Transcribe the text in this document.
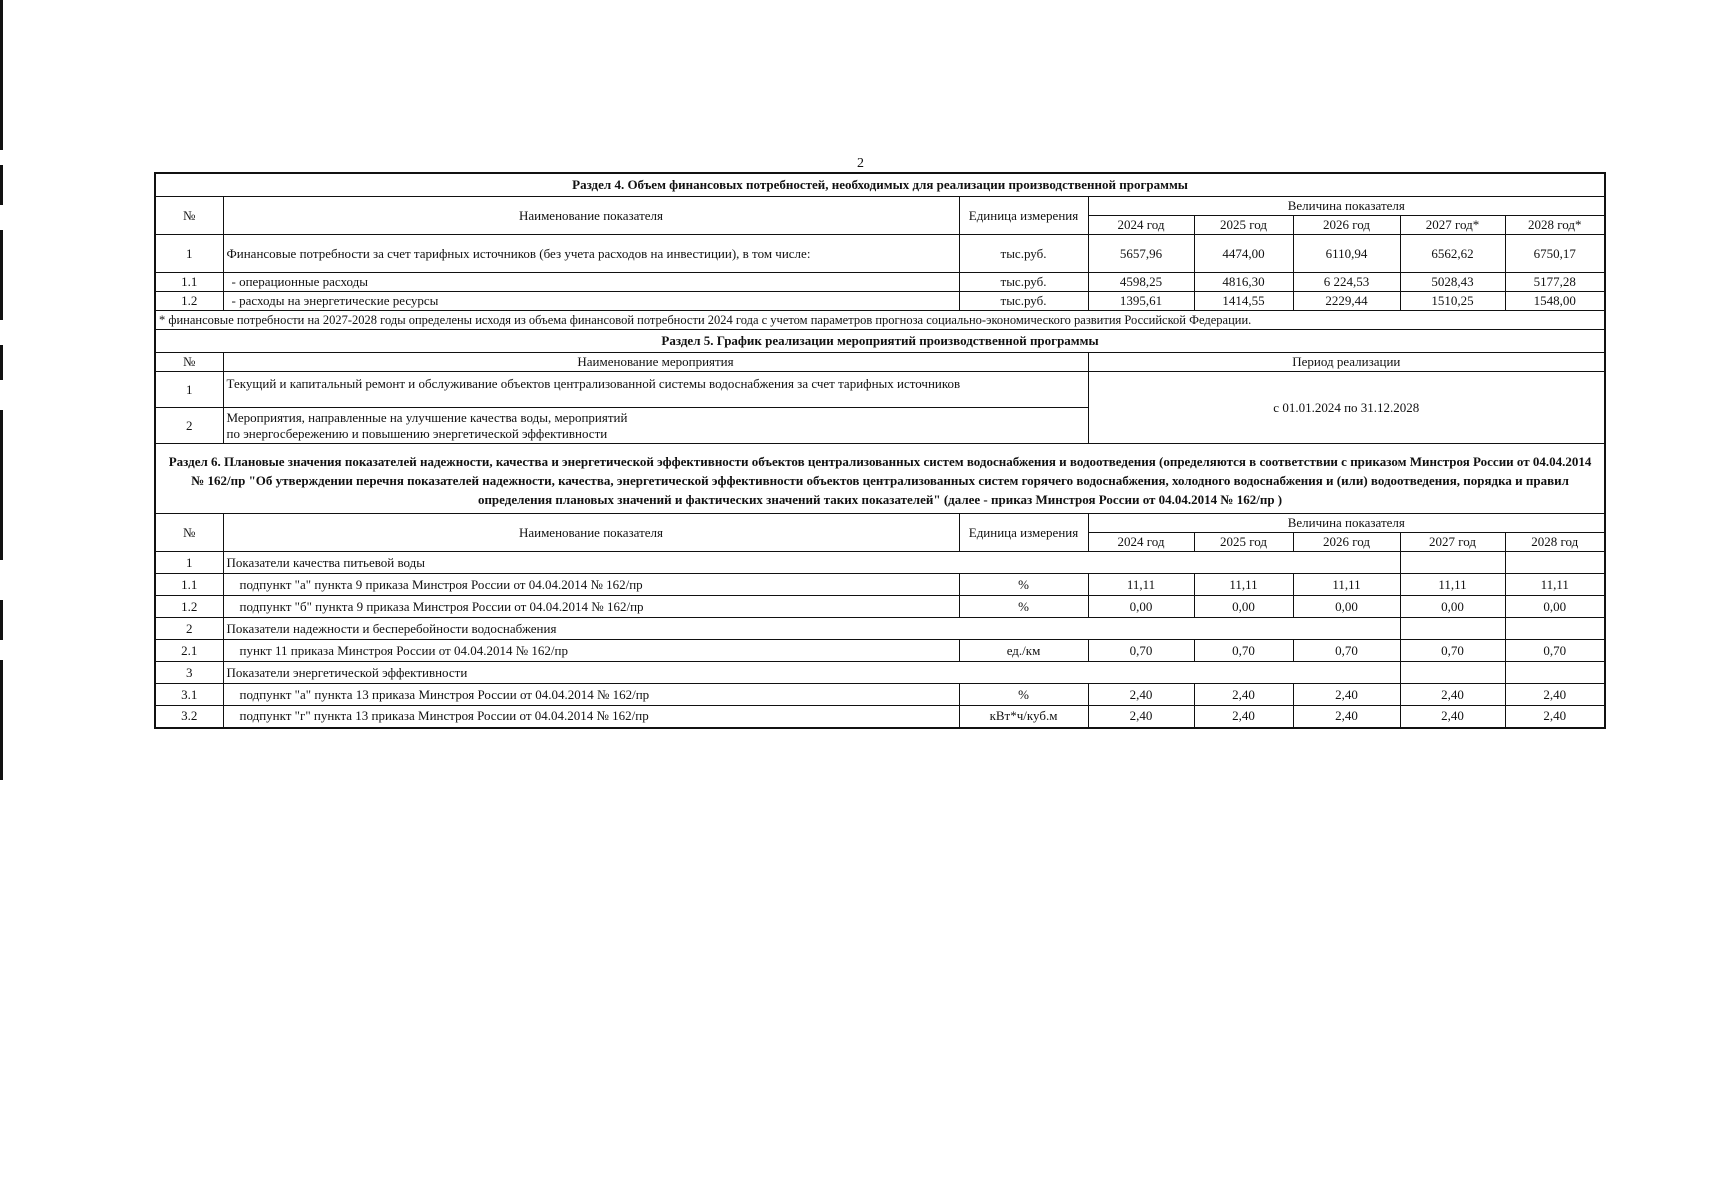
2
Раздел 4. Объем финансовых потребностей, необходимых для реализации производственной программы							
№	Наименование показателя	Единица измерения	Величина показателя				
			2024 год	2025 год	2026 год	2027 год*	2028 год*
1	Финансовые потребности за счет тарифных источников (без учета расходов на инвестиции), в том числе:	тыс.руб.	5657,96	4474,00	6110,94	6562,62	6750,17
1.1	- операционные расходы	тыс.руб.	4598,25	4816,30	6 224,53	5028,43	5177,28
1.2	- расходы на энергетические ресурсы	тыс.руб.	1395,61	1414,55	2229,44	1510,25	1548,00
* финансовые потребности на 2027-2028 годы определены исходя из объема финансовой потребности 2024 года с учетом параметров прогноза социально-экономического развития Российской Федерации.							
Раздел 5. График реализации мероприятий производственной программы							
№	Наименование мероприятия		Период реализации				
1	Текущий и капитальный ремонт и обслуживание объектов централизованной системы водоснабжения за счет тарифных источников		с 01.01.2024 по 31.12.2028				
2	Мероприятия, направленные на улучшение качества воды, мероприятий
по энергосбережению и повышению энергетической эффективности						

Раздел 6. Плановые значения показателей надежности, качества и энергетической эффективности объектов централизованных систем водоснабжения и водоотведения (определяются в соответствии с приказом Минстроя России от 04.04.2014 № 162/пр "Об утверждении перечня показателей надежности, качества, энергетической эффективности объектов централизованных систем горячего водоснабжения, холодного водоснабжения и (или) водоотведения, порядка и правил определения плановых значений и фактических значений таких показателей" (далее - приказ Минстроя России от 04.04.2014 № 162/пр )							
№	Наименование показателя	Единица измерения	Величина показателя				
			2024 год	2025 год	2026 год	2027 год	2028 год
1	Показатели качества питьевой воды						
1.1	подпункт "а" пункта 9 приказа Минстроя России от 04.04.2014 № 162/пр	%	11,11	11,11	11,11	11,11	11,11
1.2	подпункт "б" пункта 9 приказа Минстроя России от 04.04.2014 № 162/пр	%	0,00	0,00	0,00	0,00	0,00
2	Показатели надежности и бесперебойности водоснабжения						
2.1	пункт 11 приказа Минстроя России от 04.04.2014 № 162/пр	ед./км	0,70	0,70	0,70	0,70	0,70
3	Показатели энергетической эффективности						
3.1	подпункт "а" пункта 13 приказа Минстроя России от 04.04.2014 № 162/пр	%	2,40	2,40	2,40	2,40	2,40
3.2	подпункт "г" пункта 13 приказа Минстроя России от 04.04.2014 № 162/пр	кВт*ч/куб.м	2,40	2,40	2,40	2,40	2,40
